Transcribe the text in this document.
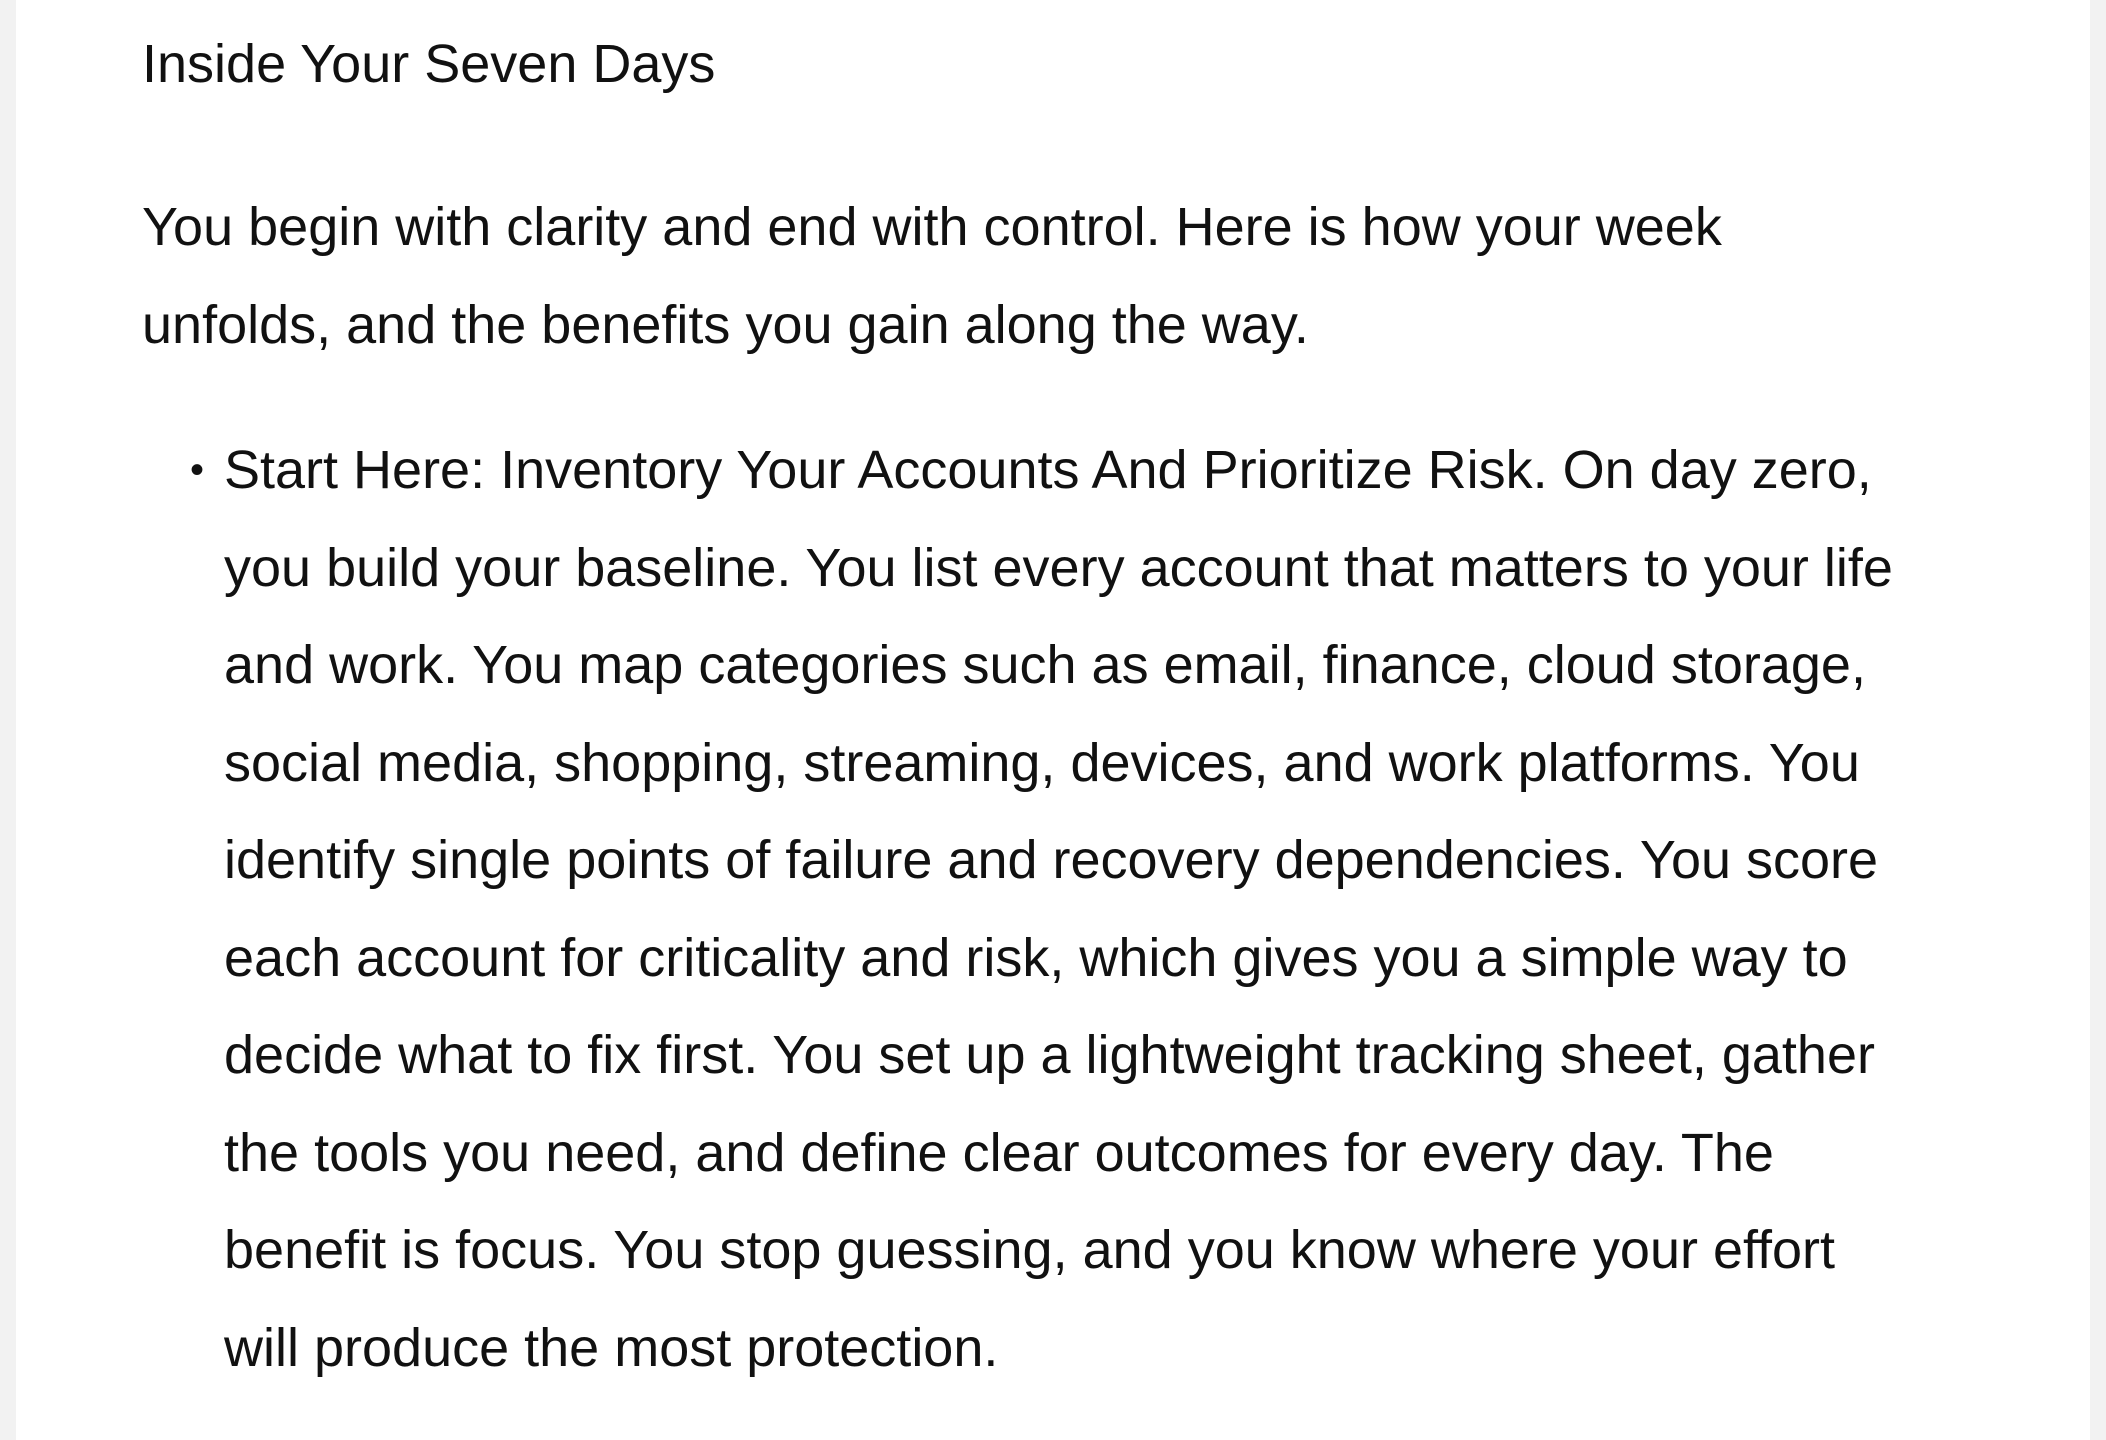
Inside Your Seven Days

You begin with clarity and end with control. Here is how your week
unfolds, and the benefits you gain along the way.

• Start Here: Inventory Your Accounts And Prioritize Risk. On day zero,
you build your baseline. You list every account that matters to your life
and work. You map categories such as email, finance, cloud storage,
social media, shopping, streaming, devices, and work platforms. You
identify single points of failure and recovery dependencies. You score
each account for criticality and risk, which gives you a simple way to
decide what to fix first. You set up a lightweight tracking sheet, gather
the tools you need, and define clear outcomes for every day. The
benefit is focus. You stop guessing, and you know where your effort
will produce the most protection.
